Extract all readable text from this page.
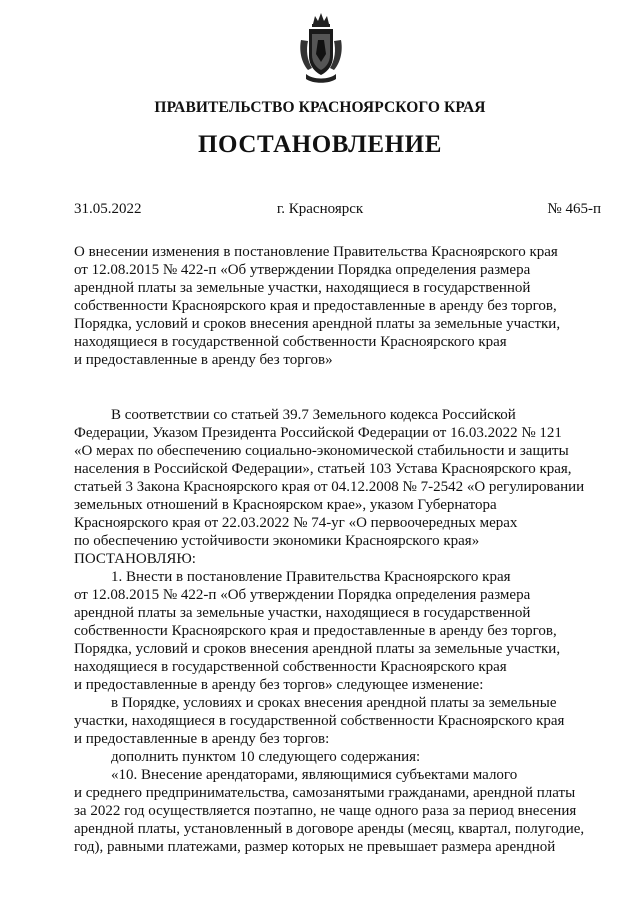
ПРАВИТЕЛЬСТВО КРАСНОЯРСКОГО КРАЯ
ПОСТАНОВЛЕНИЕ
31.05.2022	г. Красноярск	№ 465-п
О внесении изменения в постановление Правительства Красноярского края
от 12.08.2015 № 422-п «Об утверждении Порядка определения размера
арендной платы за земельные участки, находящиеся в государственной
собственности Красноярского края и предоставленные в аренду без торгов,
Порядка, условий и сроков внесения арендной платы за земельные участки,
находящиеся в государственной собственности Красноярского края
и предоставленные в аренду без торгов»
В соответствии со статьей 39.7 Земельного кодекса Российской
Федерации, Указом Президента Российской Федерации от 16.03.2022 № 121
«О мерах по обеспечению социально-экономической стабильности и защиты
населения в Российской Федерации», статьей 103 Устава Красноярского края,
статьей 3 Закона Красноярского края от 04.12.2008 № 7-2542 «О регулировании
земельных отношений в Красноярском крае», указом Губернатора
Красноярского края от 22.03.2022 № 74-уг «О первоочередных мерах
по обеспечению устойчивости экономики Красноярского края»
ПОСТАНОВЛЯЮ:
1. Внести в постановление Правительства Красноярского края
от 12.08.2015 № 422-п «Об утверждении Порядка определения размера
арендной платы за земельные участки, находящиеся в государственной
собственности Красноярского края и предоставленные в аренду без торгов,
Порядка, условий и сроков внесения арендной платы за земельные участки,
находящиеся в государственной собственности Красноярского края
и предоставленные в аренду без торгов» следующее изменение:
в Порядке, условиях и сроках внесения арендной платы за земельные
участки, находящиеся в государственной собственности Красноярского края
и предоставленные в аренду без торгов:
дополнить пунктом 10 следующего содержания:
«10. Внесение арендаторами, являющимися субъектами малого
и среднего предпринимательства, самозанятыми гражданами, арендной платы
за 2022 год осуществляется поэтапно, не чаще одного раза за период внесения
арендной платы, установленный в договоре аренды (месяц, квартал, полугодие,
год), равными платежами, размер которых не превышает размера арендной
